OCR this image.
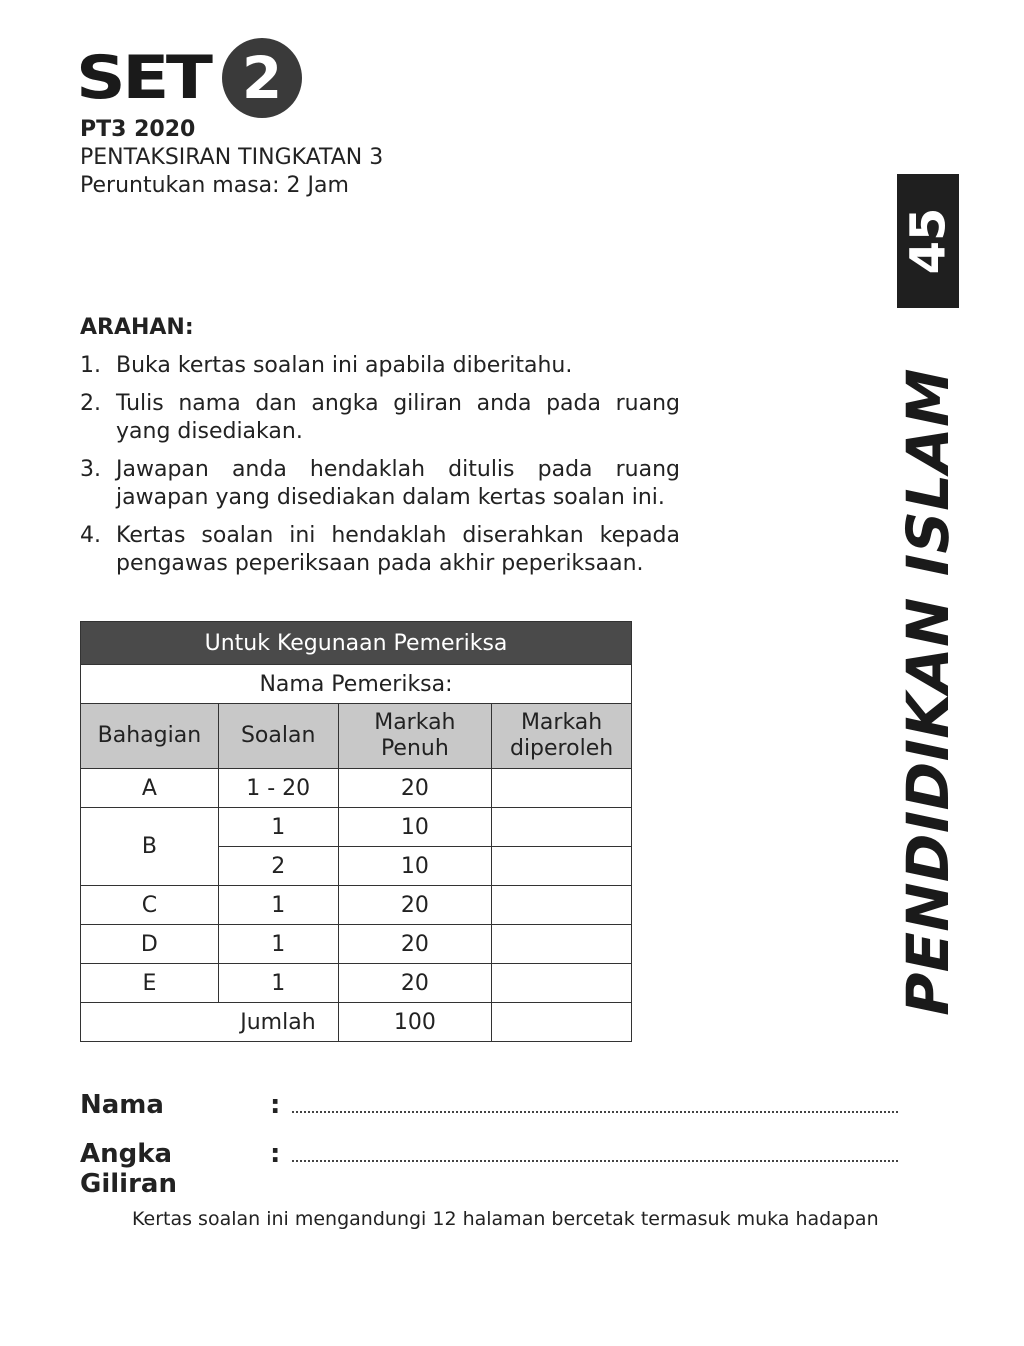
SET 2
PT3 2020
PENTAKSIRAN TINGKATAN 3
Peruntukan masa: 2 Jam
ARAHAN:
1. Buka kertas soalan ini apabila diberitahu.
2. Tulis nama dan angka giliran anda pada ruang yang disediakan.
3. Jawapan anda hendaklah ditulis pada ruang jawapan yang disediakan dalam kertas soalan ini.
4. Kertas soalan ini hendaklah diserahkan kepada pengawas peperiksaan pada akhir peperiksaan.
Untuk Kegunaan Pemeriksa			
Nama Pemeriksa:			
Bahagian	Soalan	Markah Penuh	Markah diperoleh
A	1 - 20	20	
B	1	10	
	2	10	
C	1	20	
D	1	20	
E	1	20	
	Jumlah	100	
45
PENDIDIKAN ISLAM
Nama	:
Angka Giliran
:
Kertas soalan ini mengandungi 12 halaman bercetak termasuk muka hadapan
